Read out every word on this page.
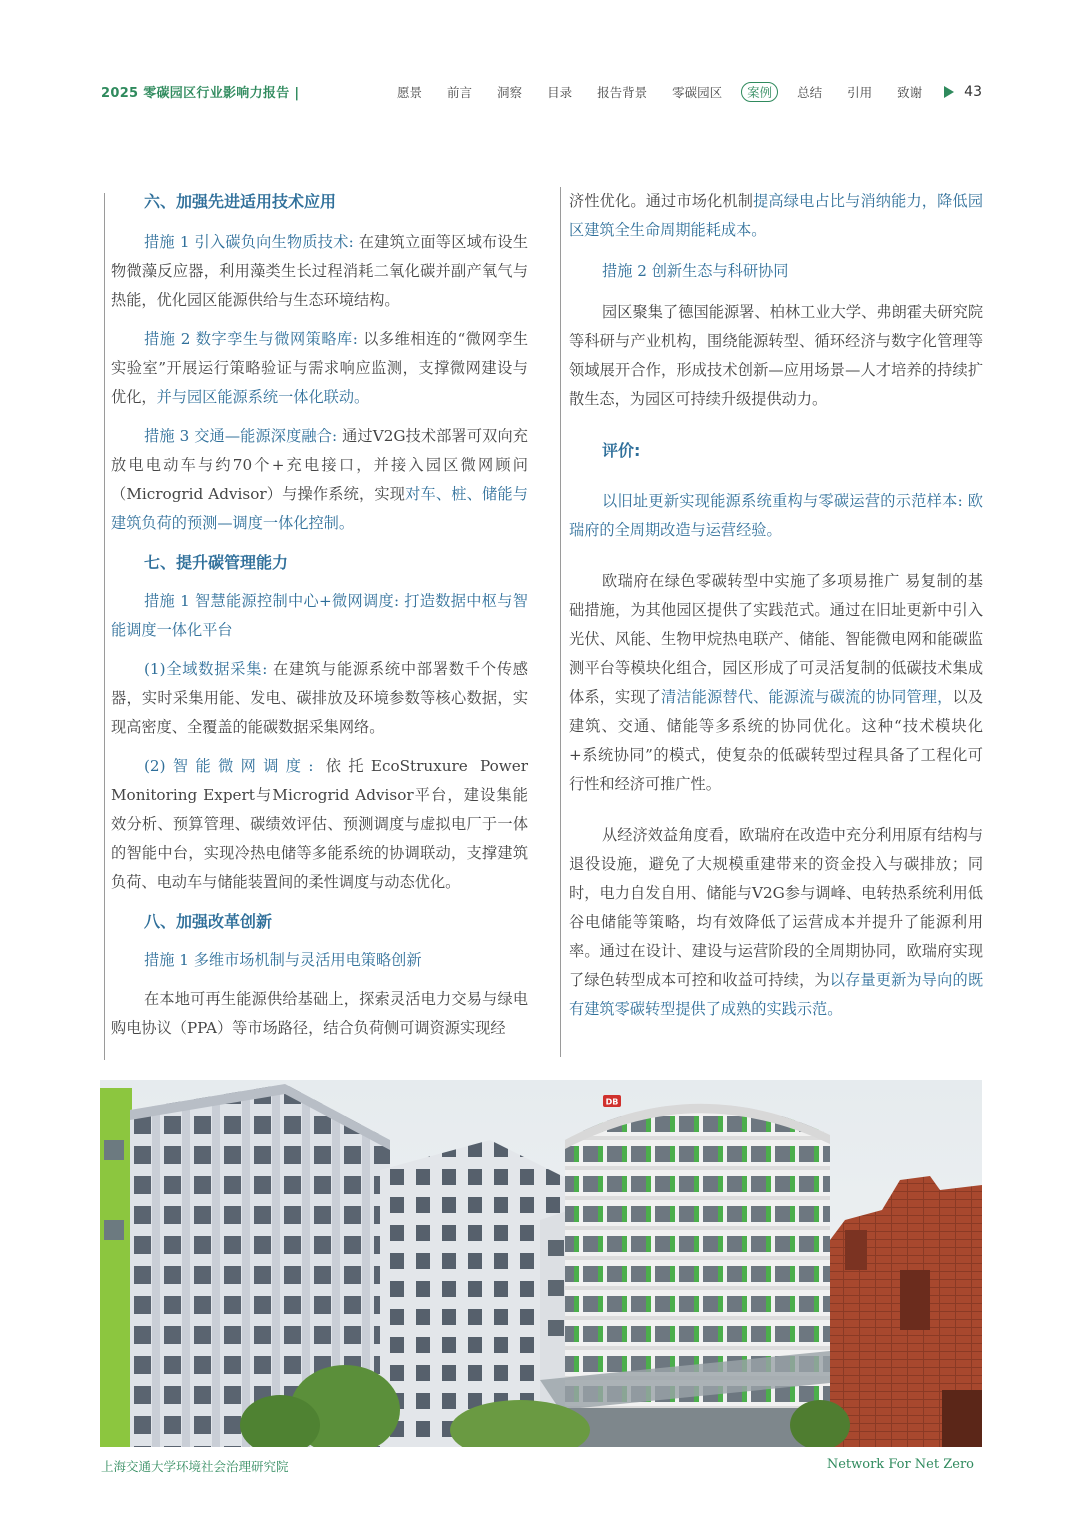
2025 零碳园区行业影响力报告 |	愿景 前言 洞察 目录 报告背景 零碳园区	案例	总结 引用 致谢	43

六、加强先进适用技术应用

措施 1 引入碳负向生物质技术: 在建筑立面等区域布设生物微藻反应器，利用藻类生长过程消耗二氧化碳并副产氧气与热能，优化园区能源供给与生态环境结构。

措施 2 数字孪生与微网策略库: 以多维相连的“微网孪生实验室”开展运行策略验证与需求响应监测，支撑微网建设与优化，并与园区能源系统一体化联动。

措施 3 交通—能源深度融合: 通过V2G技术部署可双向充放电电动车与约70个+充电接口，并接入园区微网顾问（Microgrid Advisor）与操作系统，实现对车、桩、储能与建筑负荷的预测—调度一体化控制。

七、提升碳管理能力

措施 1 智慧能源控制中心+微网调度: 打造数据中枢与智能调度一体化平台

(1)全域数据采集: 在建筑与能源系统中部署数千个传感器，实时采集用能、发电、碳排放及环境参数等核心数据，实现高密度、全覆盖的能碳数据采集网络。

(2)智能微网调度: 依托EcoStruxure Power Monitoring Expert与Microgrid Advisor平台，建设集能效分析、预算管理、碳绩效评估、预测调度与虚拟电厂于一体的智能中台，实现冷热电储等多能系统的协调联动，支撑建筑负荷、电动车与储能装置间的柔性调度与动态优化。

八、加强改革创新

措施 1 多维市场机制与灵活用电策略创新

在本地可再生能源供给基础上，探索灵活电力交易与绿电购电协议（PPA）等市场路径，结合负荷侧可调资源实现经

济性优化。通过市场化机制提高绿电占比与消纳能力，降低园区建筑全生命周期能耗成本。

措施 2 创新生态与科研协同

园区聚集了德国能源署、柏林工业大学、弗朗霍夫研究院等科研与产业机构，围绕能源转型、循环经济与数字化管理等领域展开合作，形成技术创新—应用场景—人才培养的持续扩散生态，为园区可持续升级提供动力。

评价:

以旧址更新实现能源系统重构与零碳运营的示范样本: 欧瑞府的全周期改造与运营经验。

欧瑞府在绿色零碳转型中实施了多项易推广 易复制的基础措施，为其他园区提供了实践范式。通过在旧址更新中引入光伏、风能、生物甲烷热电联产、储能、智能微电网和能碳监测平台等模块化组合，园区形成了可灵活复制的低碳技术集成体系，实现了清洁能源替代、能源流与碳流的协同管理，以及建筑、交通、储能等多系统的协同优化。这种“技术模块化+系统协同”的模式，使复杂的低碳转型过程具备了工程化可行性和经济可推广性。

从经济效益角度看，欧瑞府在改造中充分利用原有结构与退役设施，避免了大规模重建带来的资金投入与碳排放；同时，电力自发自用、储能与V2G参与调峰、电转热系统利用低谷电储能等策略，均有效降低了运营成本并提升了能源利用率。通过在设计、建设与运营阶段的全周期协同，欧瑞府实现了绿色转型成本可控和收益可持续，为以存量更新为导向的既有建筑零碳转型提供了成熟的实践示范。

DB
上海交通大学环境社会治理研究院	Network For Net Zero
